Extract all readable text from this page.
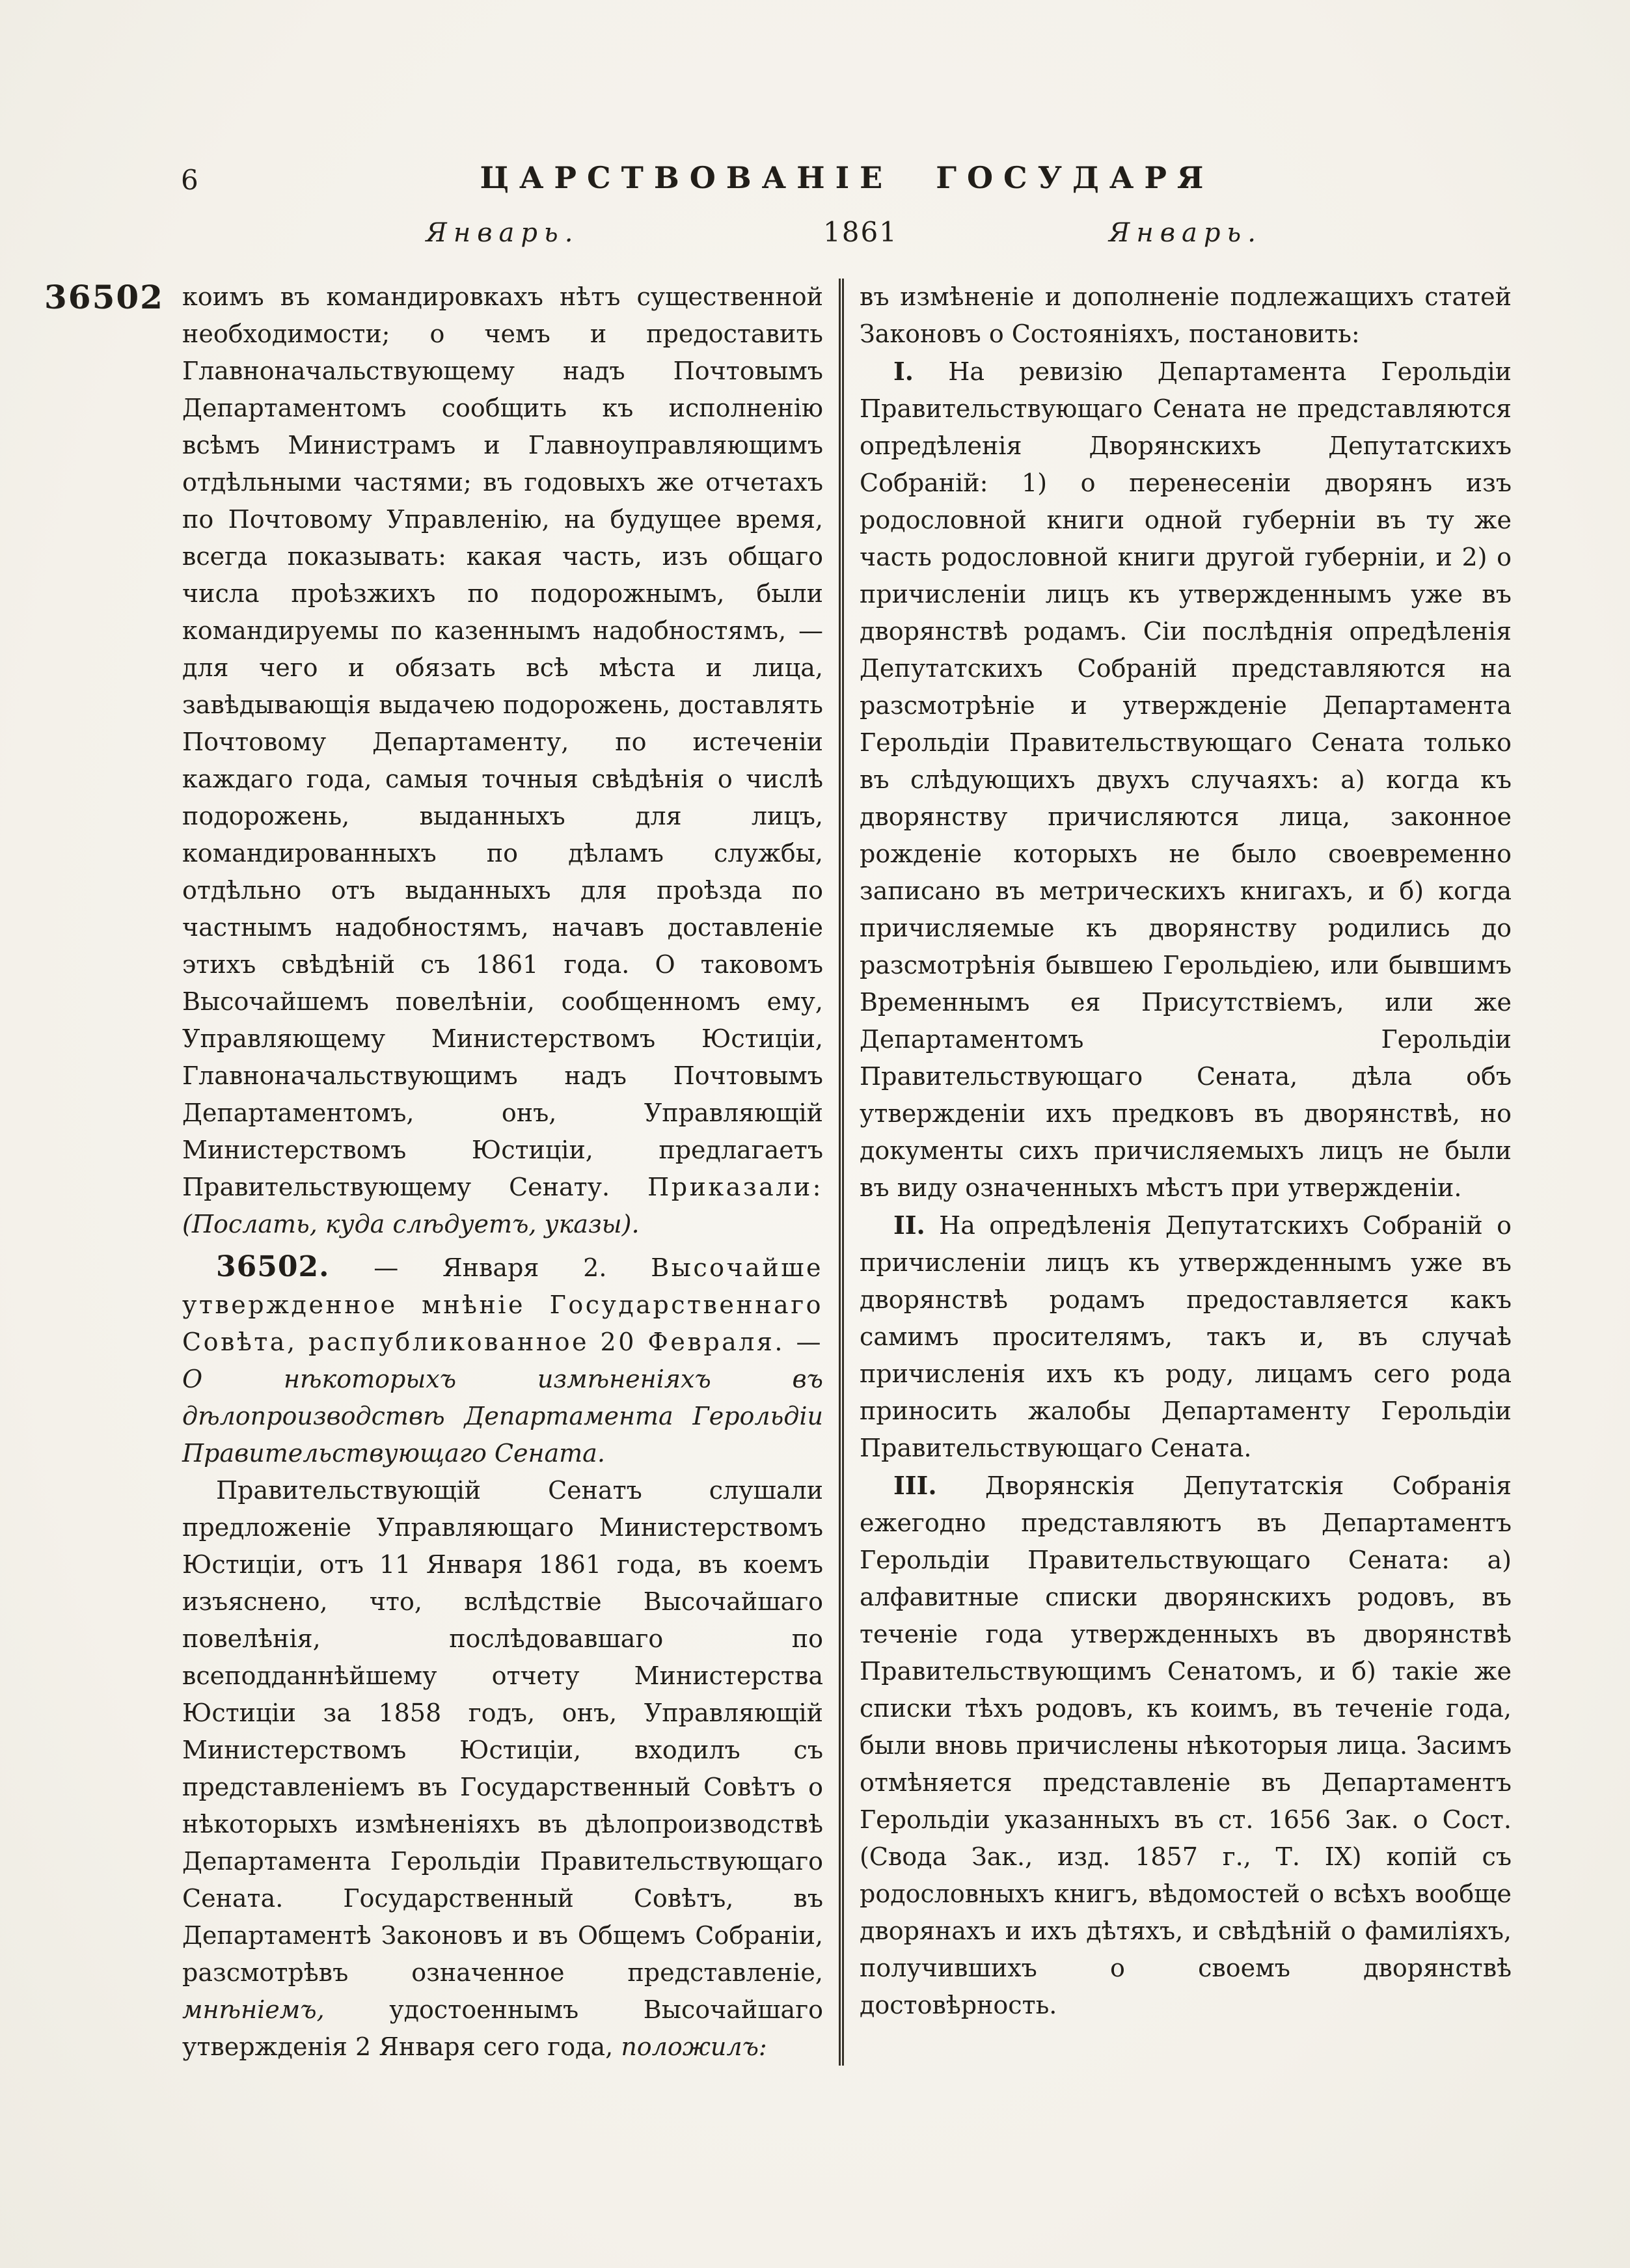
6	ЦАРСТВОВАНІЕ ГОСУДАРЯ
Январь.	1861	Январь.
36502 коимъ въ командировкахъ нѣтъ существенной необходимости; о чемъ и предоставить Главноначальствующему надъ Почтовымъ Департаментомъ сообщить къ исполненію всѣмъ Министрамъ и Главноуправляющимъ отдѣльными частями; въ годовыхъ же отчетахъ по Почтовому Управленію, на будущее время, всегда показывать: какая часть, изъ общаго числа проѣзжихъ по подорожнымъ, были командируемы по казеннымъ надобностямъ, — для чего и обязать всѣ мѣста и лица, завѣдывающія выдачею подорожень, доставлять Почтовому Департаменту, по истеченіи каждаго года, самыя точныя свѣдѣнія о числѣ подорожень, выданныхъ для лицъ, командированныхъ по дѣламъ службы, отдѣльно отъ выданныхъ для проѣзда по частнымъ надобностямъ, начавъ доставленіе этихъ свѣдѣній съ 1861 года. О таковомъ Высочайшемъ повелѣніи, сообщенномъ ему, Управляющему Министерствомъ Юстиціи, Главноначальствующимъ надъ Почтовымъ Департаментомъ, онъ, Управляющій Министерствомъ Юстиціи, предлагаетъ Правительствующему Сенату. Приказали: (Послать, куда слѣдуетъ, указы).

36502. — Января 2. Высочайше утвержденное мнѣніе Государственнаго Совѣта, распубликованное 20 Февраля. — О нѣкоторыхъ измѣненіяхъ въ дѣлопроизводствѣ Департамента Герольдіи Правительствующаго Сената.

Правительствующій Сенатъ слушали предложеніе Управляющаго Министерствомъ Юстиціи, отъ 11 Января 1861 года, въ коемъ изъяснено, что, вслѣдствіе Высочайшаго повелѣнія, послѣдовавшаго по всеподданнѣйшему отчету Министерства Юстиціи за 1858 годъ, онъ, Управляющій Министерствомъ Юстиціи, входилъ съ представленіемъ въ Государственный Совѣтъ о нѣкоторыхъ измѣненіяхъ въ дѣлопроизводствѣ Департамента Герольдіи Правительствующаго Сената. Государственный Совѣтъ, въ Департаментѣ Законовъ и въ Общемъ Собраніи, разсмотрѣвъ означенное представленіе, мнѣніемъ,	удостоеннымъ Высочайшаго утвержденія 2 Января сего года, положилъ:

въ измѣненіе и дополненіе подлежащихъ статей Законовъ о Состояніяхъ, постановить:

I. На ревизію Департамента Герольдіи Правительствующаго Сената не представляются опредѣленія Дворянскихъ Депутатскихъ Собраній: 1) о перенесеніи дворянъ изъ родословной книги одной губерніи въ ту же часть родословной книги другой губерніи, и 2) о причисленіи лицъ къ утвержденнымъ уже въ дворянствѣ родамъ. Сіи послѣднія опредѣленія Депутатскихъ Собраній представляются на разсмотрѣніе и утвержденіе Департамента Герольдіи Правительствующаго Сената только въ слѣдующихъ двухъ случаяхъ: а) когда къ дворянству причисляются лица, законное рожденіе которыхъ не было своевременно записано въ метрическихъ книгахъ, и б) когда причисляемые къ дворянству родились до разсмотрѣнія бывшею Герольдіею, или бывшимъ Временнымъ ея Присутствіемъ, или же Департаментомъ Герольдіи Правительствующаго Сената, дѣла объ утвержденіи ихъ предковъ въ дворянствѣ, но документы сихъ причисляемыхъ лицъ не были въ виду означенныхъ мѣстъ при утвержденіи.

II. На опредѣленія Депутатскихъ Собраній о причисленіи лицъ къ утвержденнымъ уже въ дворянствѣ родамъ предоставляется какъ самимъ просителямъ, такъ и, въ случаѣ причисленія ихъ къ роду, лицамъ сего рода приносить жалобы Департаменту Герольдіи Правительствующаго Сената.

III. Дворянскія Депутатскія Собранія ежегодно представляютъ въ Департаментъ Герольдіи Правительствующаго Сената: а) алфавитные списки дворянскихъ родовъ, въ теченіе года утвержденныхъ въ дворянствѣ Правительствующимъ Сенатомъ, и б) такіе же списки тѣхъ родовъ, къ коимъ, въ теченіе года, были вновь причислены нѣкоторыя лица. Засимъ отмѣняется представленіе въ Департаментъ Герольдіи указанныхъ въ ст. 1656 Зак. о Сост. (Свода Зак., изд. 1857 г., Т. IX) копій съ родословныхъ книгъ, вѣдомостей о всѣхъ вообще дворянахъ и ихъ дѣтяхъ, и свѣдѣній о фамиліяхъ, получившихъ о своемъ дворянствѣ достовѣрность.
